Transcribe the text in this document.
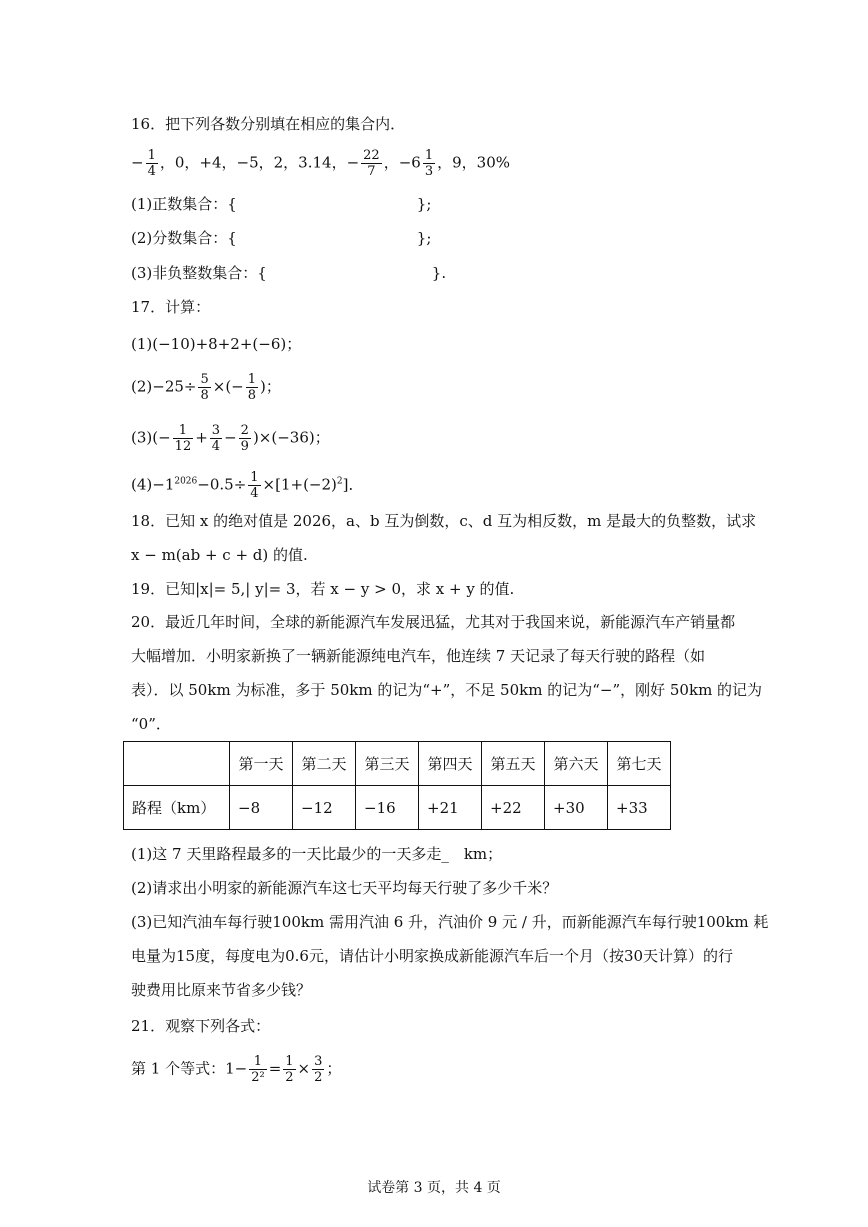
16．把下列各数分别填在相应的集合内．
− $\frac{1}{4}$ ，0，+4，−5，2，3.14，− $\frac{22}{7}$ ，$-6 \frac{1}{3}$ ，9，30%
(1)正数集合：{　　　　　　　　　　　　};
(2)分数集合：{　　　　　　　　　　　　};
(3)非负整数集合：{　　　　　　　　　　　}.
17．计算：
(1)(−10)+8+2+(−6)；
$(2)-25\div \frac{5}{8}$ ×(− $\frac{1}{8}$ )；
$(3)(- \frac{1}{12} + \frac{3}{4} - \frac{2}{9} )\times(-36)$；
$(4)-1^{2026}-0.5\div \frac{1}{4} \times[1+(-2)^2]$．
18．已知 x 的绝对值是 2026，a、b 互为倒数，c、d 互为相反数，m 是最大的负整数，试求
x − m(ab + c + d) 的值.
19．已知|x|= 5,| y|= 3，若 x − y > 0，求 x + y 的值.
20．最近几年时间，全球的新能源汽车发展迅猛，尤其对于我国来说，新能源汽车产销量都
大幅增加．小明家新换了一辆新能源纯电汽车，他连续 7 天记录了每天行驶的路程（如
表）．以 50km 为标准，多于 50km 的记为“+”，不足 50km 的记为“−”，刚好 50km 的记为
“0”．
	第一天	第二天	第三天	第四天	第五天	第六天	第七天
路程（km）	−8	−12	−16	+21	+22	+30	+33
(1)这 7 天里路程最多的一天比最少的一天多走_　km；
(2)请求出小明家的新能源汽车这七天平均每天行驶了多少千米？
(3)已知汽油车每行驶100km 需用汽油 6 升，汽油价 9 元 / 升，而新能源汽车每行驶100km 耗
电量为15度，每度电为0.6元，请估计小明家换成新能源汽车后一个月（按30天计算）的行
驶费用比原来节省多少钱？
21．观察下列各式：
第 1 个等式：$1- \frac{1}{\text{2²}} = \frac{1}{2} \times \frac{3}{2}$ ；
试卷第 3 页，共 4 页
